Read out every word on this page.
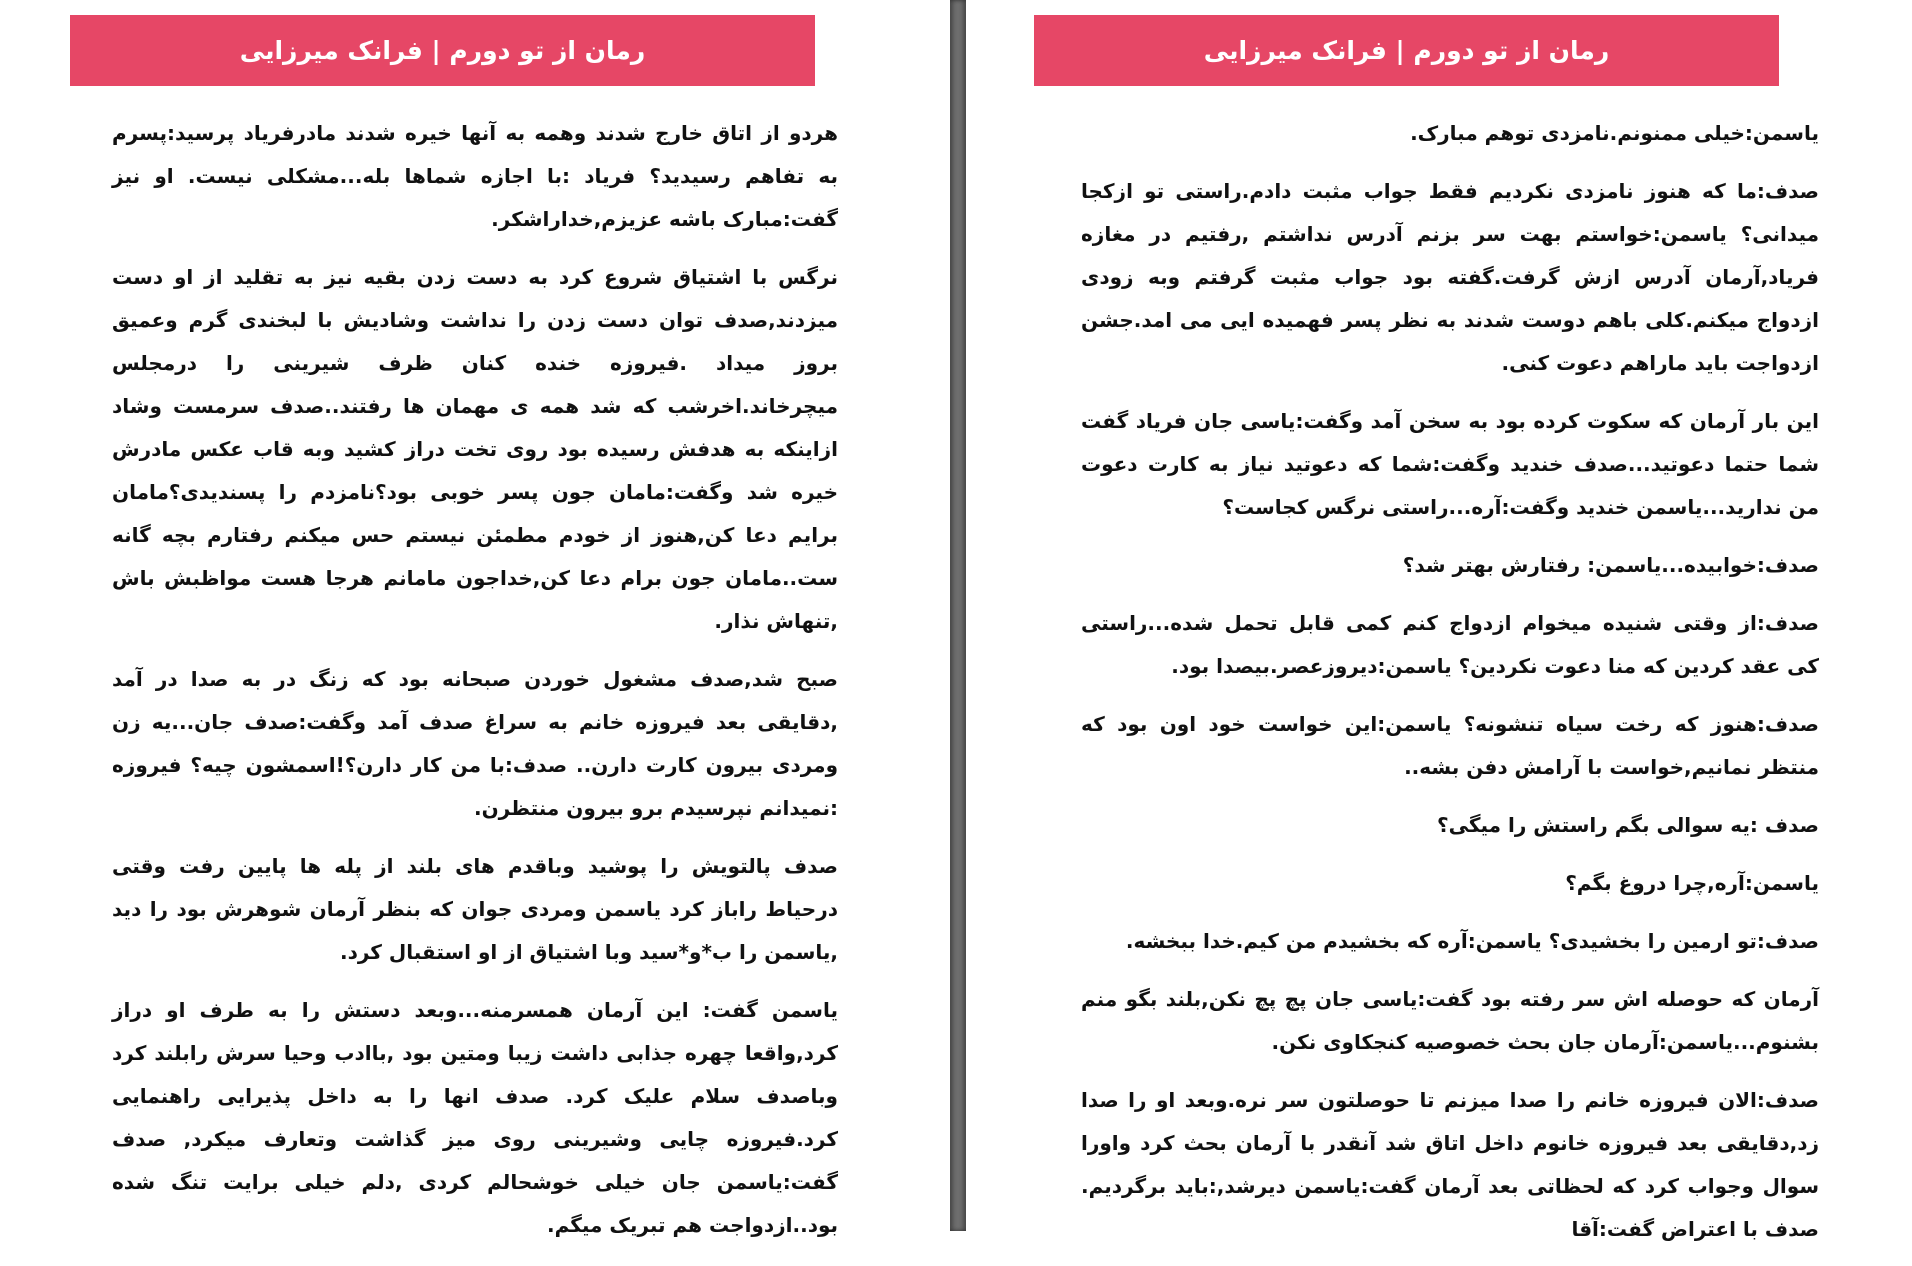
رمان از تو دورم | فرانک میرزایی

هردو از اتاق خارج شدند وهمه به آنها خیره شدند مادرفریاد پرسید:پسرم به تفاهم رسیدید؟ فریاد :با اجازه شماها بله...مشکلی نیست. او نیز گفت:مبارک باشه عزیزم,خداراشکر.

نرگس با اشتیاق شروع کرد به دست زدن بقیه نیز به تقلید از او دست میزدند,صدف توان دست زدن را نداشت وشادیش با لبخندی گرم وعمیق بروز میداد .فیروزه خنده کنان ظرف شیرینی را درمجلس میچرخاند.اخرشب که شد همه ی مهمان ها رفتند..صدف سرمست وشاد ازاینکه به هدفش رسیده بود روی تخت دراز کشید وبه قاب عکس مادرش خیره شد وگفت:مامان جون پسر خوبی بود؟نامزدم را پسندیدی؟مامان برایم دعا کن,هنوز از خودم مطمئن نیستم حس میکنم رفتارم بچه گانه ست..مامان جون برام دعا کن,خداجون مامانم هرجا هست مواظبش باش ,تنهاش نذار.

صبح شد,صدف مشغول خوردن صبحانه بود که زنگ در به صدا در آمد ,دقایقی بعد فیروزه خانم به سراغ صدف آمد وگفت:صدف جان...یه زن ومردی بیرون کارت دارن.. صدف:با من کار دارن؟!اسمشون چیه؟ فیروزه :نمیدانم نپرسیدم برو بیرون منتظرن.

صدف پالتویش را پوشید وباقدم های بلند از پله ها پایین رفت وقتی درحیاط راباز کرد یاسمن ومردی جوان که بنظر آرمان شوهرش بود را دید ,یاسمن را ب*و*سید وبا اشتیاق از او استقبال کرد.

یاسمن گفت: این آرمان همسرمنه...وبعد دستش را به طرف او دراز کرد,واقعا چهره جذابی داشت زیبا ومتین بود ,باادب وحیا سرش رابلند کرد وباصدف سلام علیک کرد. صدف انها را به داخل پذیرایی راهنمایی کرد.فیروزه چایی وشیرینی روی میز گذاشت وتعارف میکرد, صدف گفت:یاسمن جان خیلی خوشحالم کردی ,دلم خیلی برایت تنگ شده بود..ازدواجت هم تبریک میگم.

رمان از تو دورم | فرانک میرزایی

یاسمن:خیلی ممنونم.نامزدی توهم مبارک.

صدف:ما که هنوز نامزدی نکردیم فقط جواب مثبت دادم.راستی تو ازکجا میدانی؟ یاسمن:خواستم بهت سر بزنم آدرس نداشتم ,رفتیم در مغازه فریاد,آرمان آدرس ازش گرفت.گفته بود جواب مثبت گرفتم وبه زودی ازدواج میکنم.کلی باهم دوست شدند به نظر پسر فهمیده ایی می امد.جشن ازدواجت باید ماراهم دعوت کنی.

این بار آرمان که سکوت کرده بود به سخن آمد وگفت:یاسی جان فریاد گفت شما حتما دعوتید...صدف خندید وگفت:شما که دعوتید نیاز به کارت دعوت من ندارید...یاسمن خندید وگفت:آره...راستی نرگس کجاست؟

صدف:خوابیده...یاسمن: رفتارش بهتر شد؟

صدف:از وقتی شنیده میخوام ازدواج کنم کمی قابل تحمل شده...راستی کی عقد کردین که منا دعوت نکردین؟ یاسمن:دیروزعصر.بیصدا بود.

صدف:هنوز که رخت سیاه تنشونه؟ یاسمن:این خواست خود اون بود که منتظر نمانیم,خواست با آرامش دفن بشه..

صدف :یه سوالی بگم راستش را میگی؟

یاسمن:آره,چرا دروغ بگم؟

صدف:تو ارمین را بخشیدی؟ یاسمن:آره که بخشیدم من کیم.خدا ببخشه.

آرمان که حوصله اش سر رفته بود گفت:یاسی جان پچ پچ نکن,بلند بگو منم بشنوم...یاسمن:آرمان جان بحث خصوصیه کنجکاوی نکن.

صدف:الان فیروزه خانم را صدا میزنم تا حوصلتون سر نره.وبعد او را صدا زد,دقایقی بعد فیروزه خانوم داخل اتاق شد آنقدر با آرمان بحث کرد واورا سوال وجواب کرد که لحظاتی بعد آرمان گفت:یاسمن دیرشد,:باید برگردیم. صدف با اعتراض گفت:آقا
